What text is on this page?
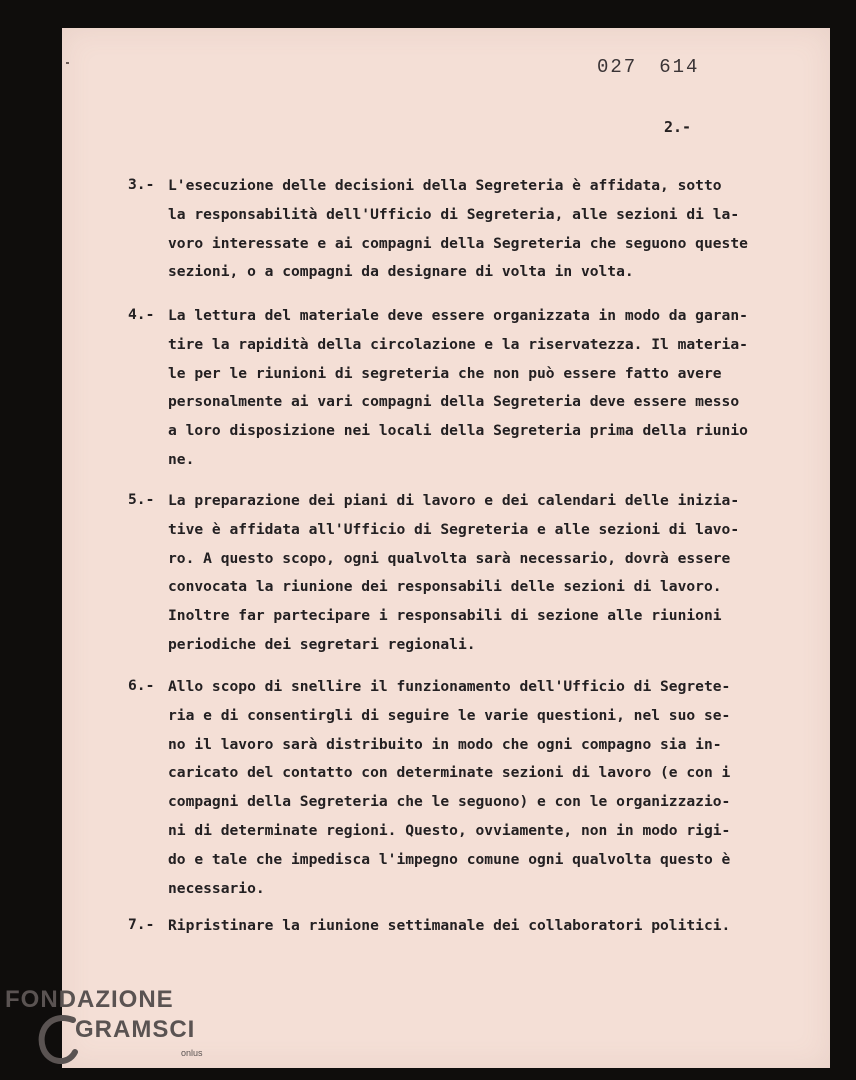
027 614
2.-
3.- L'esecuzione delle decisioni della Segreteria è affidata, sotto
la responsabilità dell'Ufficio di Segreteria, alle sezioni di la-
voro interessate e ai compagni della Segreteria che seguono queste
sezioni, o a compagni da designare di volta in volta.
4.- La lettura del materiale deve essere organizzata in modo da garan-
tire la rapidità della circolazione e la riservatezza. Il materia-
le per le riunioni di segreteria che non può essere fatto avere
personalmente ai vari compagni della Segreteria deve essere messo
a loro disposizione nei locali della Segreteria prima della riunio
ne.
5.- La preparazione dei piani di lavoro e dei calendari delle inizia-
tive è affidata all'Ufficio di Segreteria e alle sezioni di lavo-
ro. A questo scopo, ogni qualvolta sarà necessario, dovrà essere
convocata la riunione dei responsabili delle sezioni di lavoro.
Inoltre far partecipare i responsabili di sezione alle riunioni
periodiche dei segretari regionali.
6.- Allo scopo di snellire il funzionamento dell'Ufficio di Segrete-
ria e di consentirgli di seguire le varie questioni, nel suo se-
no il lavoro sarà distribuito in modo che ogni compagno sia in-
caricato del contatto con determinate sezioni di lavoro (e con i
compagni della Segreteria che le seguono) e con le organizzazio-
ni di determinate regioni. Questo, ovviamente, non in modo rigi-
do e tale che impedisca l'impegno comune ogni qualvolta questo è
necessario.
7.- Ripristinare la riunione settimanale dei collaboratori politici.
FONDAZIONE
GRAMSCI
onlus
